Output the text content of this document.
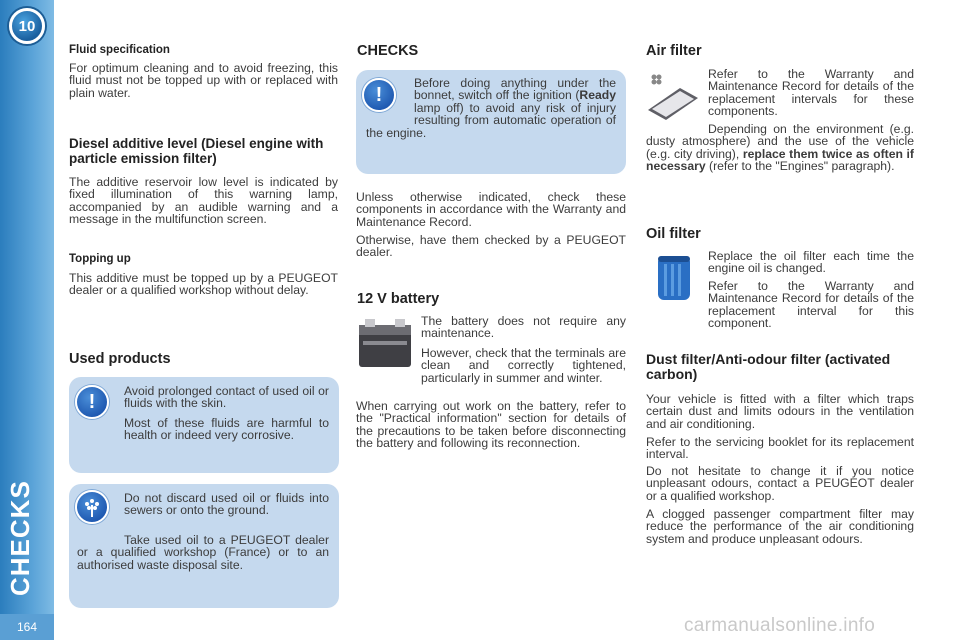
10
CHECKS
164
Fluid specification
For optimum cleaning and to avoid freezing, this fluid must not be topped up with or replaced with plain water.
Diesel additive level (Diesel engine with particle emission filter)
The additive reservoir low level is indicated by fixed illumination of this warning lamp, accompanied by an audible warning and a message in the multifunction screen.
Topping up
This additive must be topped up by a PEUGEOT dealer or a qualified workshop without delay.
Used products
! Avoid prolonged contact of used oil or fluids with the skin.
Most of these fluids are harmful to health or indeed very corrosive.
Do not discard used oil or fluids into sewers or onto the ground.
Take used oil to a PEUGEOT dealer or a qualified workshop (France) or to an authorised waste disposal site.
CHECKS
!
Before doing anything under the bonnet, switch off the ignition (Ready lamp off) to avoid any risk of injury resulting from automatic operation of the engine.
Unless otherwise indicated, check these components in accordance with the Warranty and Maintenance Record.
Otherwise, have them checked by a PEUGEOT dealer.
12 V battery
The battery does not require any maintenance.
However, check that the terminals are clean and correctly tightened, particularly in summer and winter.
When carrying out work on the battery, refer to the "Practical information" section for details of the precautions to be taken before disconnecting the battery and following its reconnection.
Air filter
Refer to the Warranty and Maintenance Record for details of the replacement intervals for these components.
Depending on the environment (e.g. dusty atmosphere) and the use of the vehicle (e.g. city driving), replace them twice as often if necessary (refer to the "Engines" paragraph).
Oil filter
Replace the oil filter each time the engine oil is changed.
Refer to the Warranty and Maintenance Record for details of the replacement interval for this component.
Dust filter/Anti-odour filter (activated carbon)
Your vehicle is fitted with a filter which traps certain dust and limits odours in the ventilation and air conditioning.
Refer to the servicing booklet for its replacement interval.
Do not hesitate to change it if you notice unpleasant odours, contact a PEUGEOT dealer or a qualified workshop.
A clogged passenger compartment filter may reduce the performance of the air conditioning system and produce unpleasant odours.
carmanualsonline.info
